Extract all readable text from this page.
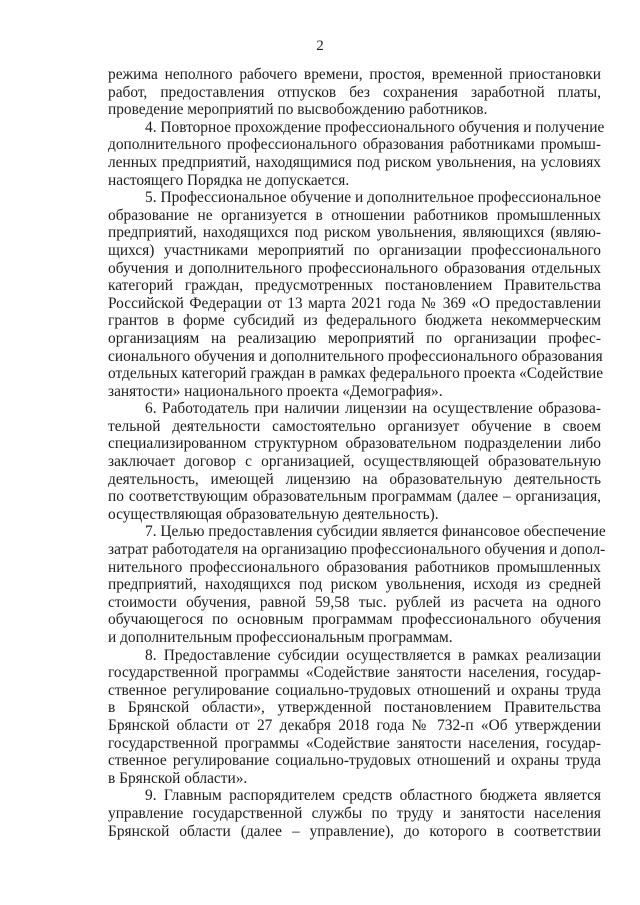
2
режима неполного рабочего времени, простоя, временной приостановки
работ, предоставления отпусков без сохранения заработной платы,
проведение мероприятий по высвобождению работников.
4. Повторное прохождение профессионального обучения и получение
дополнительного профессионального образования работниками промыш-
ленных предприятий, находящимися под риском увольнения, на условиях
настоящего Порядка не допускается.
5. Профессиональное обучение и дополнительное профессиональное
образование не организуется в отношении работников промышленных
предприятий, находящихся под риском увольнения, являющихся (являю-
щихся) участниками мероприятий по организации профессионального
обучения и дополнительного профессионального образования отдельных
категорий граждан, предусмотренных постановлением Правительства
Российской Федерации от 13 марта 2021 года № 369 «О предоставлении
грантов в форме субсидий из федерального бюджета некоммерческим
организациям на реализацию мероприятий по организации профес-
сионального обучения и дополнительного профессионального образования
отдельных категорий граждан в рамках федерального проекта «Содействие
занятости» национального проекта «Демография».
6. Работодатель при наличии лицензии на осуществление образова-
тельной деятельности самостоятельно организует обучение в своем
специализированном структурном образовательном подразделении либо
заключает договор с организацией, осуществляющей образовательную
деятельность, имеющей лицензию на образовательную деятельность
по соответствующим образовательным программам (далее – организация,
осуществляющая образовательную деятельность).
7. Целью предоставления субсидии является финансовое обеспечение
затрат работодателя на организацию профессионального обучения и допол-
нительного профессионального образования работников промышленных
предприятий, находящихся под риском увольнения, исходя из средней
стоимости обучения, равной 59,58 тыс. рублей из расчета на одного
обучающегося по основным программам профессионального обучения
и дополнительным профессиональным программам.
8. Предоставление субсидии осуществляется в рамках реализации
государственной программы «Содействие занятости населения, государ-
ственное регулирование социально-трудовых отношений и охраны труда
в Брянской области», утвержденной постановлением Правительства
Брянской области от 27 декабря 2018 года № 732-п «Об утверждении
государственной программы «Содействие занятости населения, государ-
ственное регулирование социально-трудовых отношений и охраны труда
в Брянской области».
9. Главным распорядителем средств областного бюджета является
управление государственной службы по труду и занятости населения
Брянской области (далее – управление), до которого в соответствии
